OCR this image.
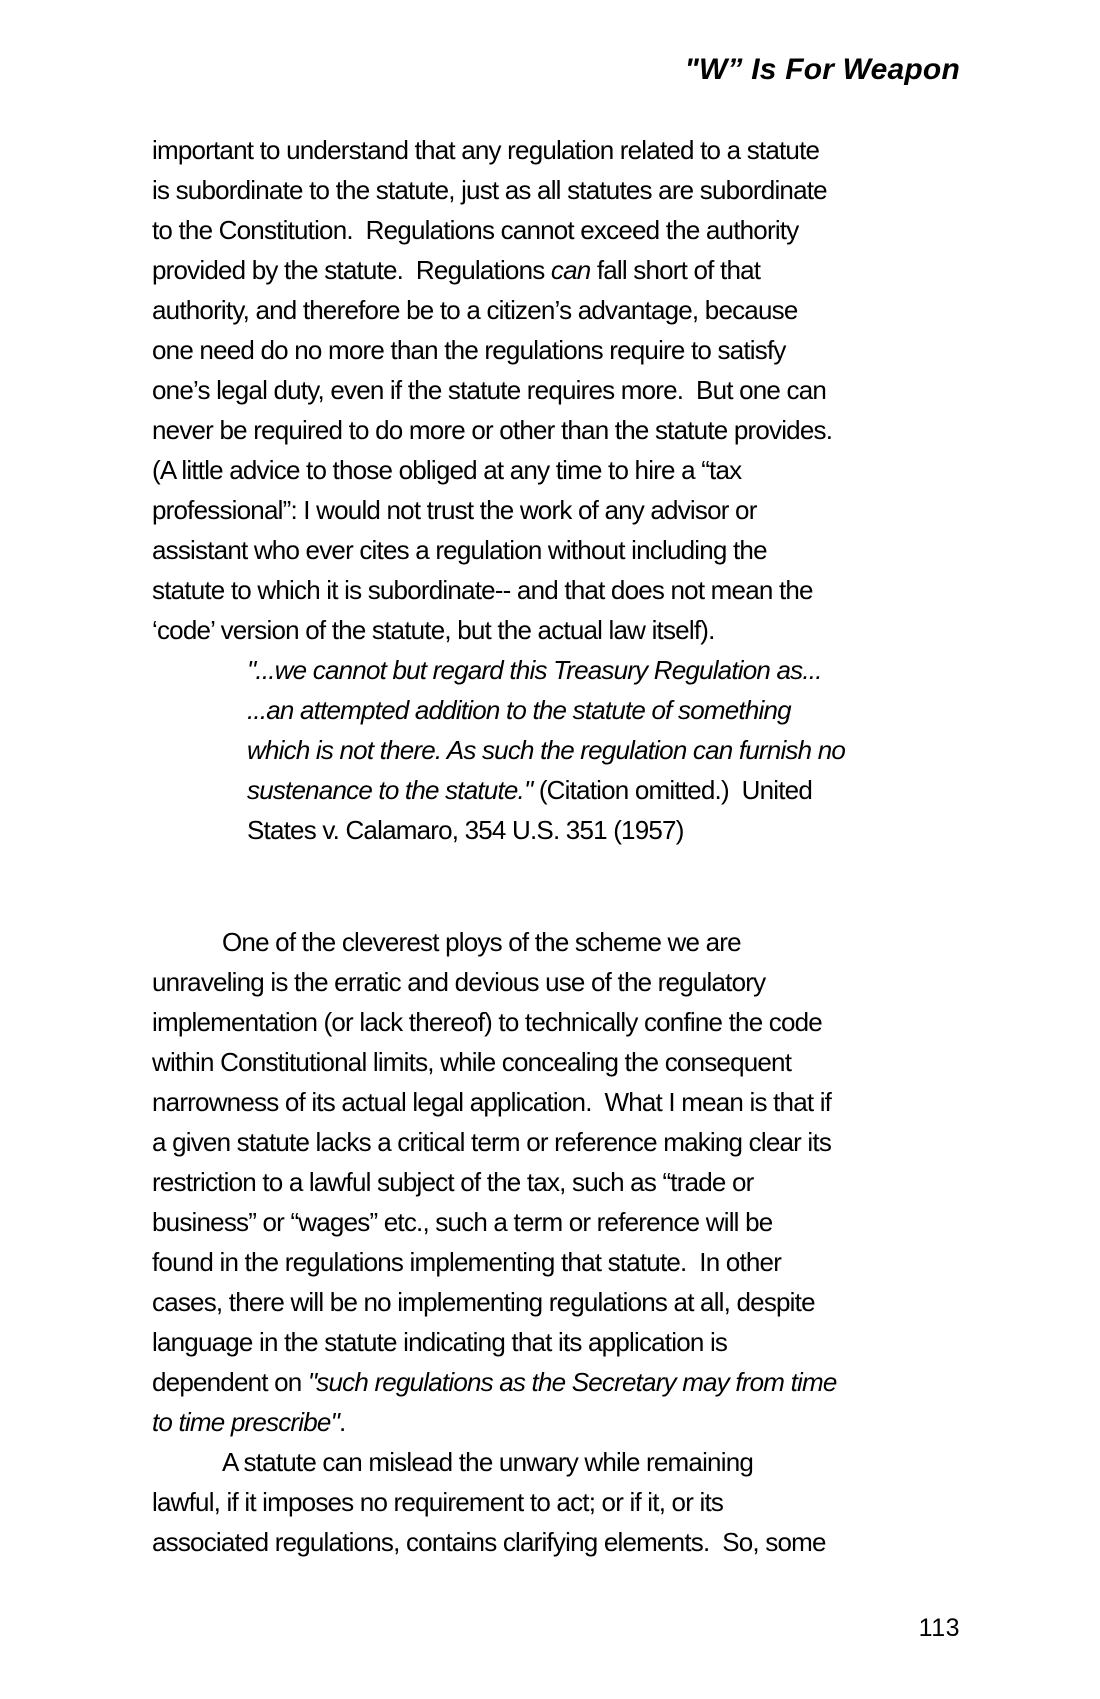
"W” Is For Weapon
important to understand that any regulation related to a statute
is subordinate to the statute, just as all statutes are subordinate
to the Constitution.  Regulations cannot exceed the authority
provided by the statute.  Regulations can fall short of that
authority, and therefore be to a citizen’s advantage, because
one need do no more than the regulations require to satisfy
one’s legal duty, even if the statute requires more.  But one can
never be required to do more or other than the statute provides.
(A little advice to those obliged at any time to hire a “tax
professional”: I would not trust the work of any advisor or
assistant who ever cites a regulation without including the
statute to which it is subordinate-- and that does not mean the
‘code’ version of the statute, but the actual law itself).
"...we cannot but regard this Treasury Regulation as...
...an attempted addition to the statute of something
which is not there. As such the regulation can furnish no
sustenance to the statute." (Citation omitted.)  United
States v. Calamaro, 354 U.S. 351 (1957)
One of the cleverest ploys of the scheme we are
unraveling is the erratic and devious use of the regulatory
implementation (or lack thereof) to technically confine the code
within Constitutional limits, while concealing the consequent
narrowness of its actual legal application.  What I mean is that if
a given statute lacks a critical term or reference making clear its
restriction to a lawful subject of the tax, such as “trade or
business” or “wages” etc., such a term or reference will be
found in the regulations implementing that statute.  In other
cases, there will be no implementing regulations at all, despite
language in the statute indicating that its application is
dependent on "such regulations as the Secretary may from time
to time prescribe".
A statute can mislead the unwary while remaining
lawful, if it imposes no requirement to act; or if it, or its
associated regulations, contains clarifying elements.  So, some
113
